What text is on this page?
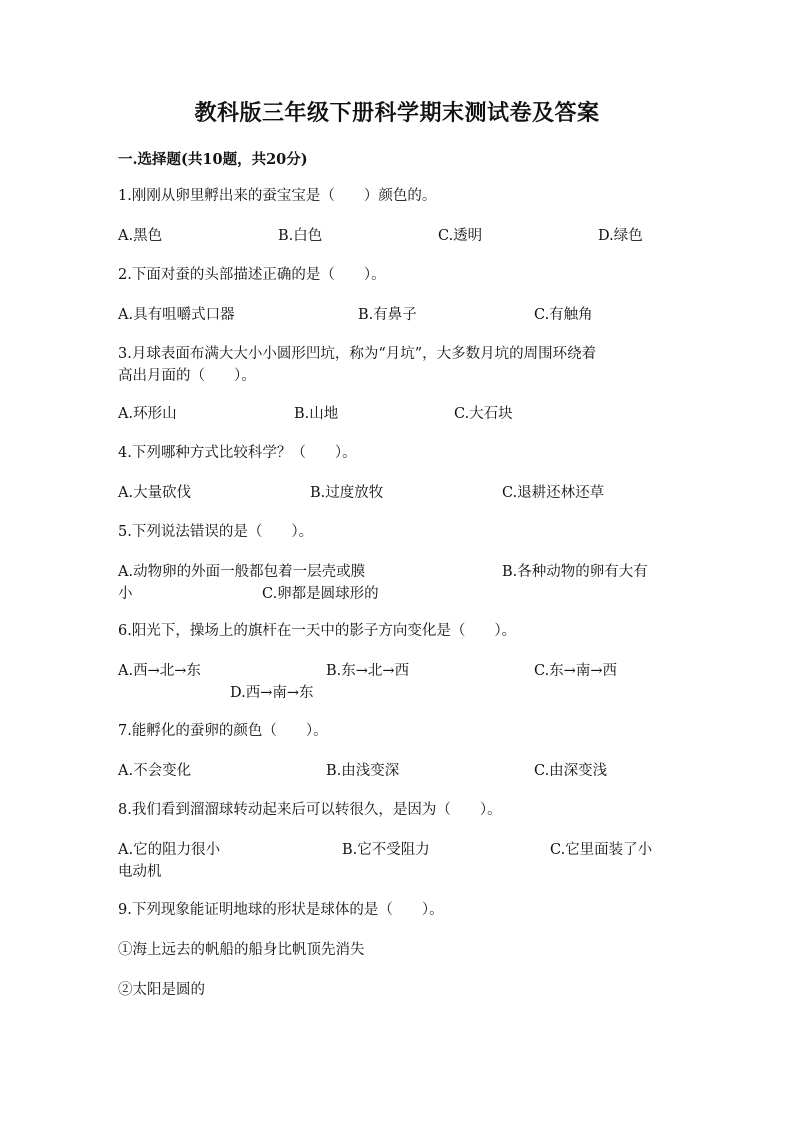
教科版三年级下册科学期末测试卷及答案
一.选择题(共10题，共20分)
1.刚刚从卵里孵出来的蚕宝宝是（　　）颜色的。
A.黑色	B.白色	C.透明	D.绿色
2.下面对蚕的头部描述正确的是（　　）。
A.具有咀嚼式口器	B.有鼻子	C.有触角
3.月球表面布满大大小小圆形凹坑，称为“月坑”，大多数月坑的周围环绕着
高出月面的（　　）。
A.环形山	B.山地	C.大石块
4.下列哪种方式比较科学？（　　）。
A.大量砍伐	B.过度放牧	C.退耕还林还草
5.下列说法错误的是（　　）。
A.动物卵的外面一般都包着一层壳或膜	B.各种动物的卵有大有
小	C.卵都是圆球形的
6.阳光下，操场上的旗杆在一天中的影子方向变化是（　　）。
A.西→北→东	B.东→北→西	C.东→南→西
D.西→南→东
7.能孵化的蚕卵的颜色（　　）。
A.不会变化	B.由浅变深	C.由深变浅
8.我们看到溜溜球转动起来后可以转很久，是因为（　　）。
A.它的阻力很小	B.它不受阻力	C.它里面装了小
电动机
9.下列现象能证明地球的形状是球体的是（　　）。
①海上远去的帆船的船身比帆顶先消失
②太阳是圆的
